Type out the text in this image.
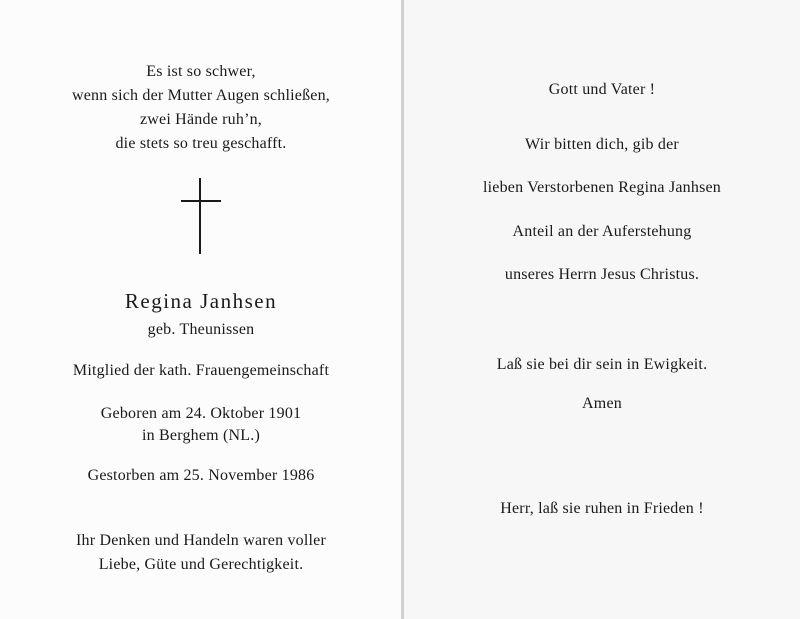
Es ist so schwer,
wenn sich der Mutter Augen schließen,
zwei Hände ruh’n,
die stets so treu geschafft.
Regina Janhsen
geb. Theunissen
Mitglied der kath. Frauengemeinschaft
Geboren am 24. Oktober 1901
in Berghem (NL.)
Gestorben am 25. November 1986
Ihr Denken und Handeln waren voller
Liebe, Güte und Gerechtigkeit.
Gott und Vater !
Wir bitten dich, gib der
lieben Verstorbenen Regina Janhsen
Anteil an der Auferstehung
unseres Herrn Jesus Christus.
Laß sie bei dir sein in Ewigkeit.
Amen
Herr, laß sie ruhen in Frieden !
